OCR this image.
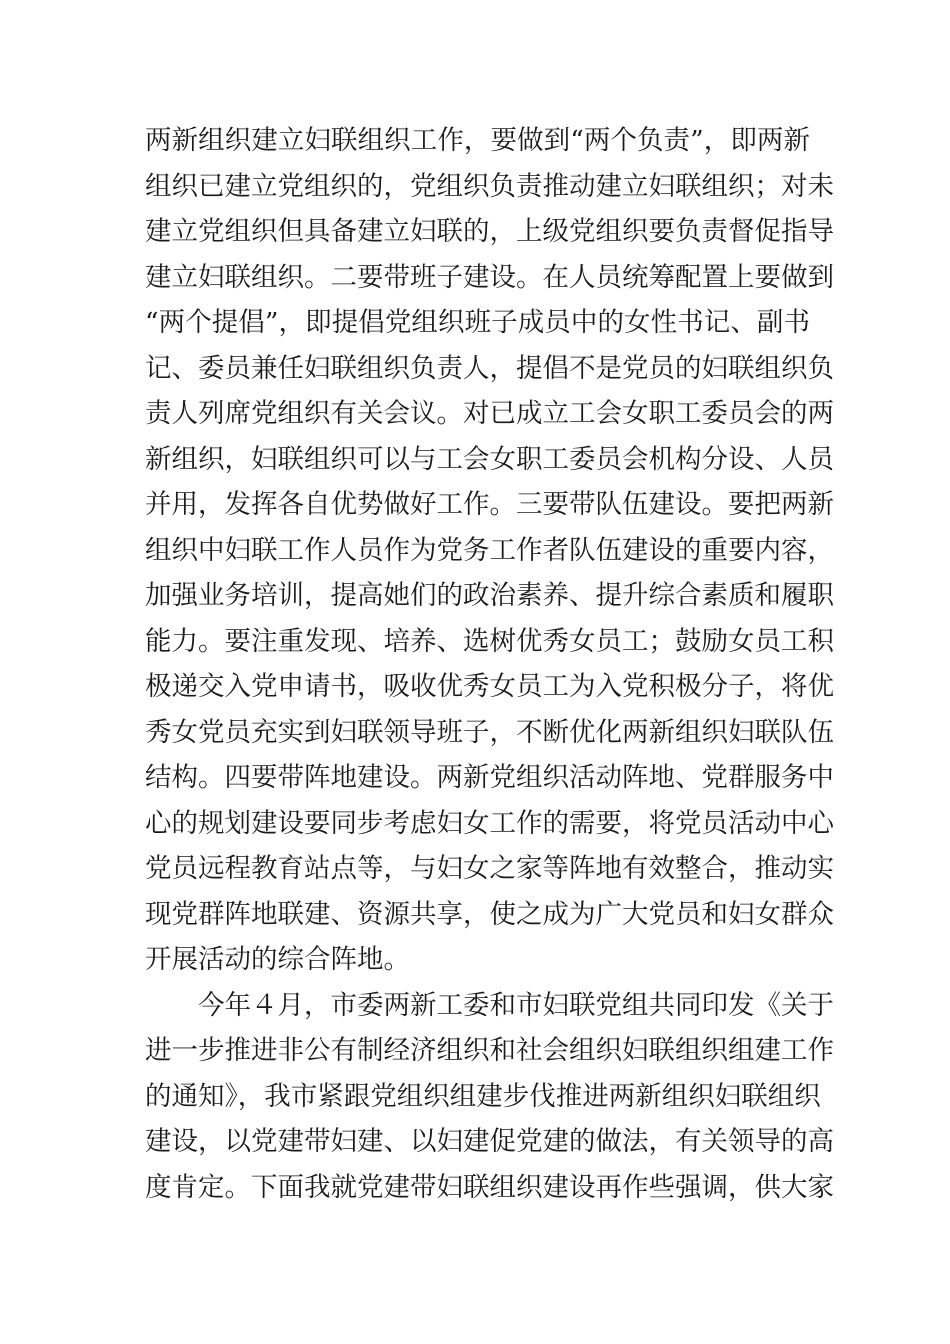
两新组织建立妇联组织工作，要做到“两个负责”，即两新
组织已建立党组织的，党组织负责推动建立妇联组织；对未
建立党组织但具备建立妇联的，上级党组织要负责督促指导
建立妇联组织。二要带班子建设。在人员统筹配置上要做到
“两个提倡”，即提倡党组织班子成员中的女性书记、副书
记、委员兼任妇联组织负责人，提倡不是党员的妇联组织负
责人列席党组织有关会议。对已成立工会女职工委员会的两
新组织，妇联组织可以与工会女职工委员会机构分设、人员
并用，发挥各自优势做好工作。三要带队伍建设。要把两新
组织中妇联工作人员作为党务工作者队伍建设的重要内容，
加强业务培训，提高她们的政治素养、提升综合素质和履职
能力。要注重发现、培养、选树优秀女员工；鼓励女员工积
极递交入党申请书，吸收优秀女员工为入党积极分子，将优
秀女党员充实到妇联领导班子，不断优化两新组织妇联队伍
结构。四要带阵地建设。两新党组织活动阵地、党群服务中
心的规划建设要同步考虑妇女工作的需要，将党员活动中心
党员远程教育站点等，与妇女之家等阵地有效整合，推动实
现党群阵地联建、资源共享，使之成为广大党员和妇女群众
开展活动的综合阵地。
今年４月，市委两新工委和市妇联党组共同印发《关于
进一步推进非公有制经济组织和社会组织妇联组织组建工作
的通知》，我市紧跟党组织组建步伐推进两新组织妇联组织
建设，以党建带妇建、以妇建促党建的做法，有关领导的高
度肯定。下面我就党建带妇联组织建设再作些强调，供大家
